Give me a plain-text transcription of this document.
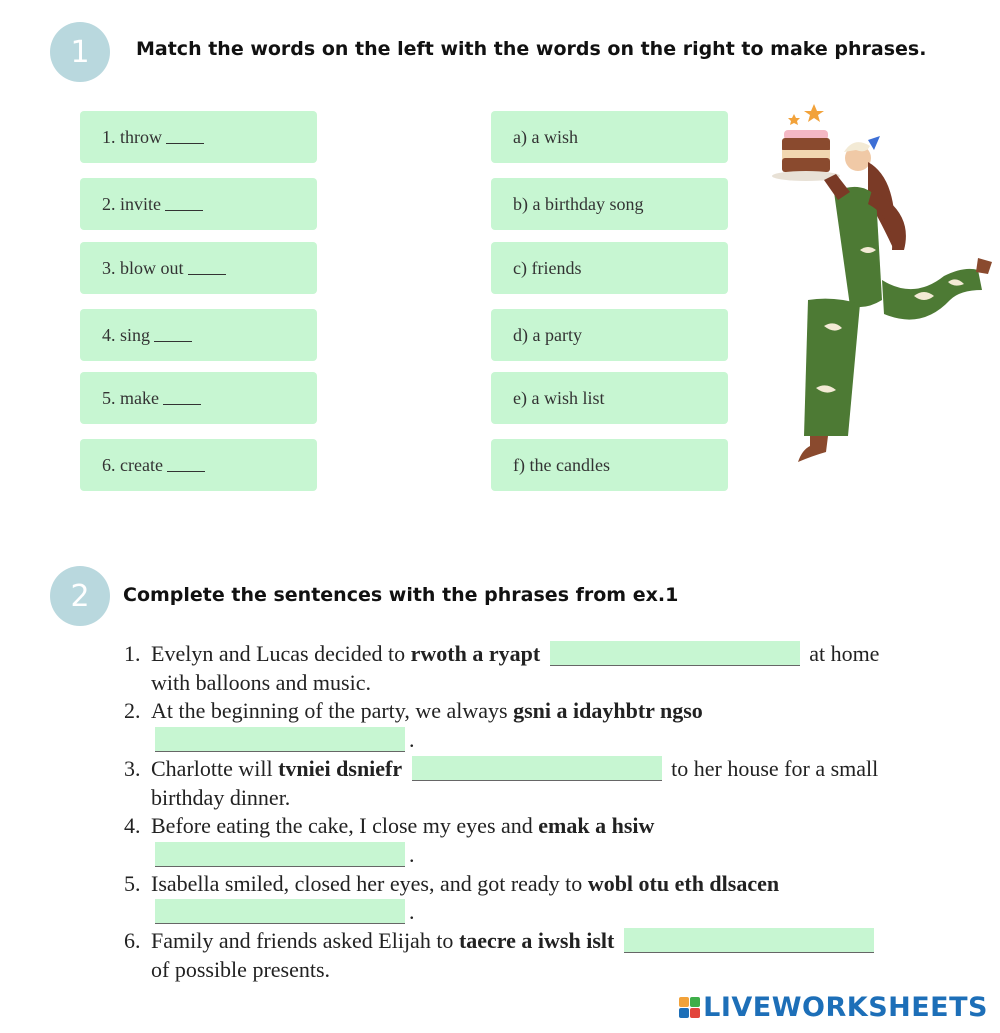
1 Match the words on the left with the words on the right to make phrases.
1. throw
2. invite
3. blow out
4. sing
5. make
6. create
a) a wish
b) a birthday song
c) friends
d) a party
e) a wish list
f) the candles
2 Complete the sentences with the phrases from ex.1
1. Evelyn and Lucas decided to rwoth a ryapt	at home with balloons and music.
2. At the beginning of the party, we always gsni a idayhbtr ngso .
3. Charlotte will tvniei dsniefr	to her house for a small birthday dinner.
4. Before eating the cake, I close my eyes and emak a hsiw .
5. Isabella smiled, closed her eyes, and got ready to wobl otu eth dlsacen .
6. Family and friends asked Elijah to taecre a iwsh islt  of possible presents.
LIVEWORKSHEETS
